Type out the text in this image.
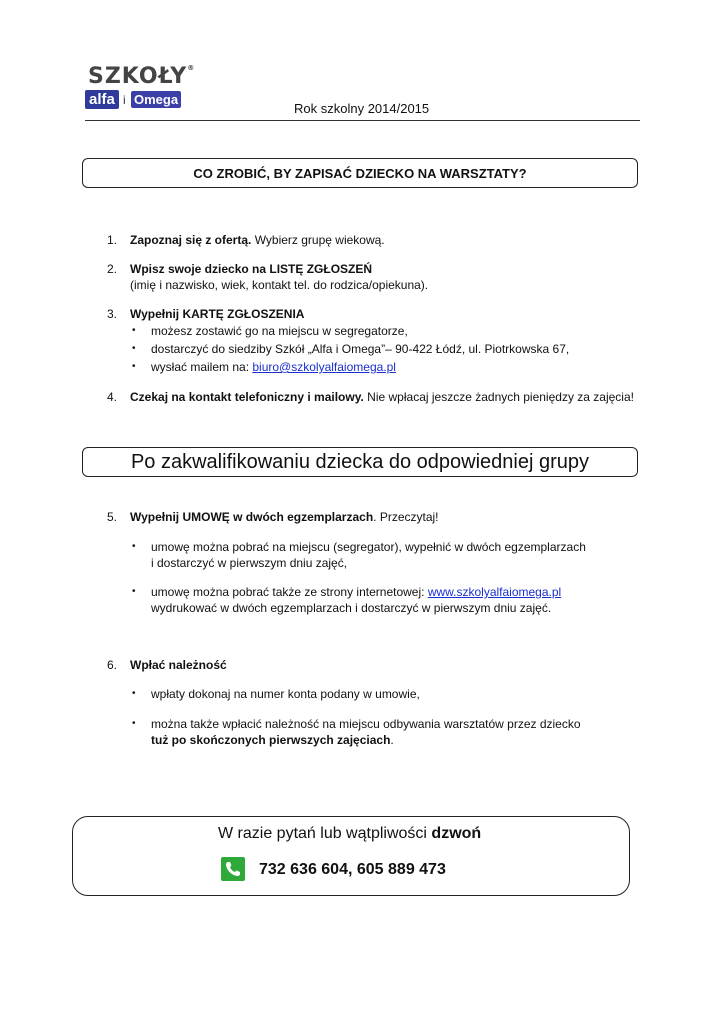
SZKOŁY®
alfa i Omega
Rok szkolny 2014/2015
CO ZROBIĆ, BY ZAPISAĆ DZIECKO NA WARSZTATY?
1. Zapoznaj się z ofertą. Wybierz grupę wiekową.
2. Wpisz swoje dziecko na LISTĘ ZGŁOSZEŃ
(imię i nazwisko, wiek, kontakt tel. do rodzica/opiekuna).
3. Wypełnij KARTĘ ZGŁOSZENIA
• możesz zostawić go na miejscu w segregatorze,
• dostarczyć do siedziby Szkół „Alfa i Omega”– 90-422 Łódź, ul. Piotrkowska 67,
• wysłać mailem na: biuro@szkolyalfaiomega.pl
4. Czekaj na kontakt telefoniczny i mailowy. Nie wpłacaj jeszcze żadnych pieniędzy za zajęcia!
Po zakwalifikowaniu dziecka do odpowiedniej grupy
5. Wypełnij UMOWĘ w dwóch egzemplarzach. Przeczytaj!
• umowę można pobrać na miejscu (segregator), wypełnić w dwóch egzemplarzach
i dostarczyć w pierwszym dniu zajęć,
• umowę można pobrać także ze strony internetowej: www.szkolyalfaiomega.pl
wydrukować w dwóch egzemplarzach i dostarczyć w pierwszym dniu zajęć.
6. Wpłać należność
• wpłaty dokonaj na numer konta podany w umowie,
• można także wpłacić należność na miejscu odbywania warsztatów przez dziecko
tuż po skończonych pierwszych zajęciach.
W razie pytań lub wątpliwości dzwoń
732 636 604, 605 889 473
